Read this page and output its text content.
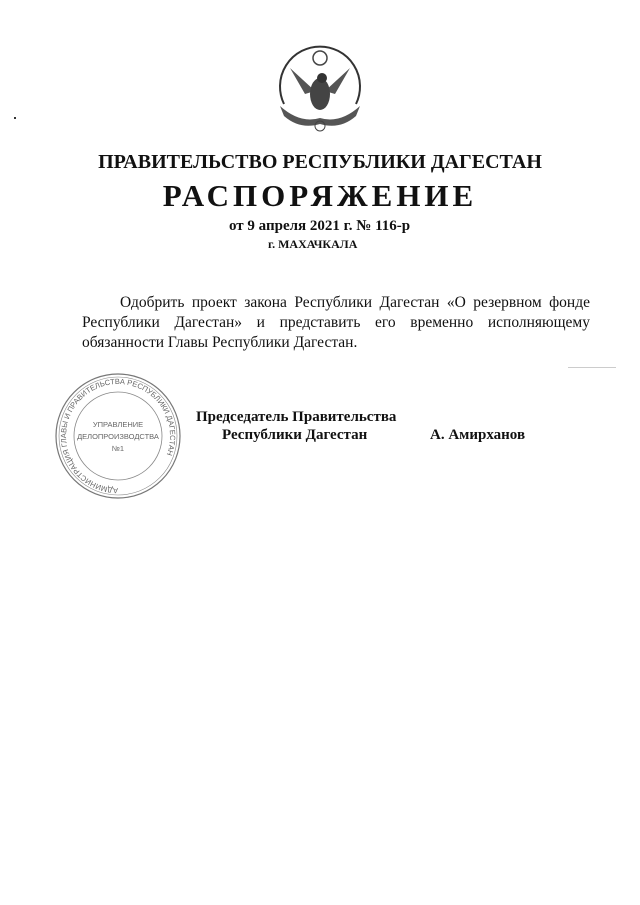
ПРАВИТЕЛЬСТВО РЕСПУБЛИКИ ДАГЕСТАН
РАСПОРЯЖЕНИЕ
от 9 апреля 2021 г. № 116-р
г. МАХАЧКАЛА
Одобрить проект закона Республики Дагестан «О резервном фонде Республики Дагестан» и представить его временно исполняющему обязанности Главы Республики Дагестан.
АДМИНИСТРАЦИЯ ГЛАВЫ И ПРАВИТЕЛЬСТВА РЕСПУБЛИКИ ДАГЕСТАН
УПРАВЛЕНИЕ
ДЕЛОПРОИЗВОДСТВА
№1
Председатель Правительства
Республики Дагестан	А. Амирханов
